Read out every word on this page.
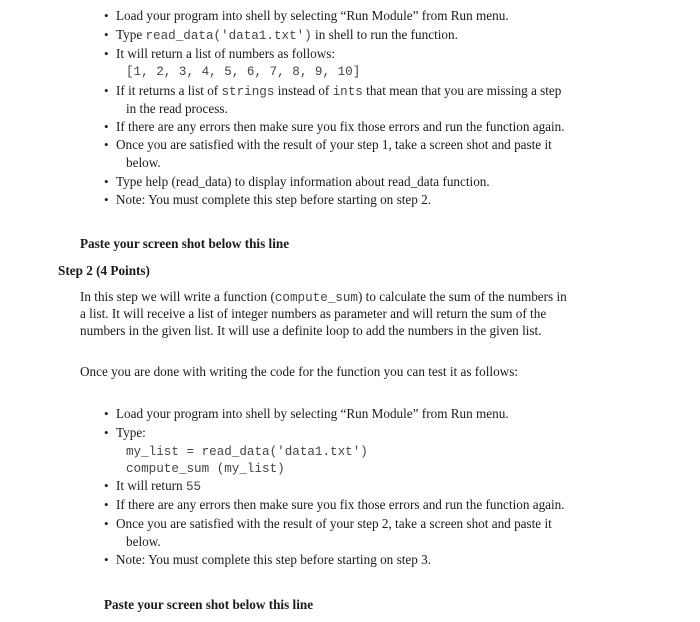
• Load your program into shell by selecting “Run Module” from Run menu.
• Type read_data('data1.txt') in shell to run the function.
• It will return a list of numbers as follows:
[1, 2, 3, 4, 5, 6, 7, 8, 9, 10]
• If it returns a list of strings instead of ints that mean that you are missing a step
in the read process.
• If there are any errors then make sure you fix those errors and run the function again.
• Once you are satisfied with the result of your step 1, take a screen shot and paste it
below.
• Type help (read_data) to display information about read_data function.
• Note: You must complete this step before starting on step 2.
Paste your screen shot below this line
Step 2 (4 Points)
In this step we will write a function (compute_sum) to calculate the sum of the numbers in
a list. It will receive a list of integer numbers as parameter and will return the sum of the
numbers in the given list. It will use a definite loop to add the numbers in the given list.
Once you are done with writing the code for the function you can test it as follows:
• Load your program into shell by selecting “Run Module” from Run menu.
• Type:
my_list = read_data('data1.txt')
compute_sum (my_list)
• It will return 55
• If there are any errors then make sure you fix those errors and run the function again.
• Once you are satisfied with the result of your step 2, take a screen shot and paste it
below.
• Note: You must complete this step before starting on step 3.
Paste your screen shot below this line
